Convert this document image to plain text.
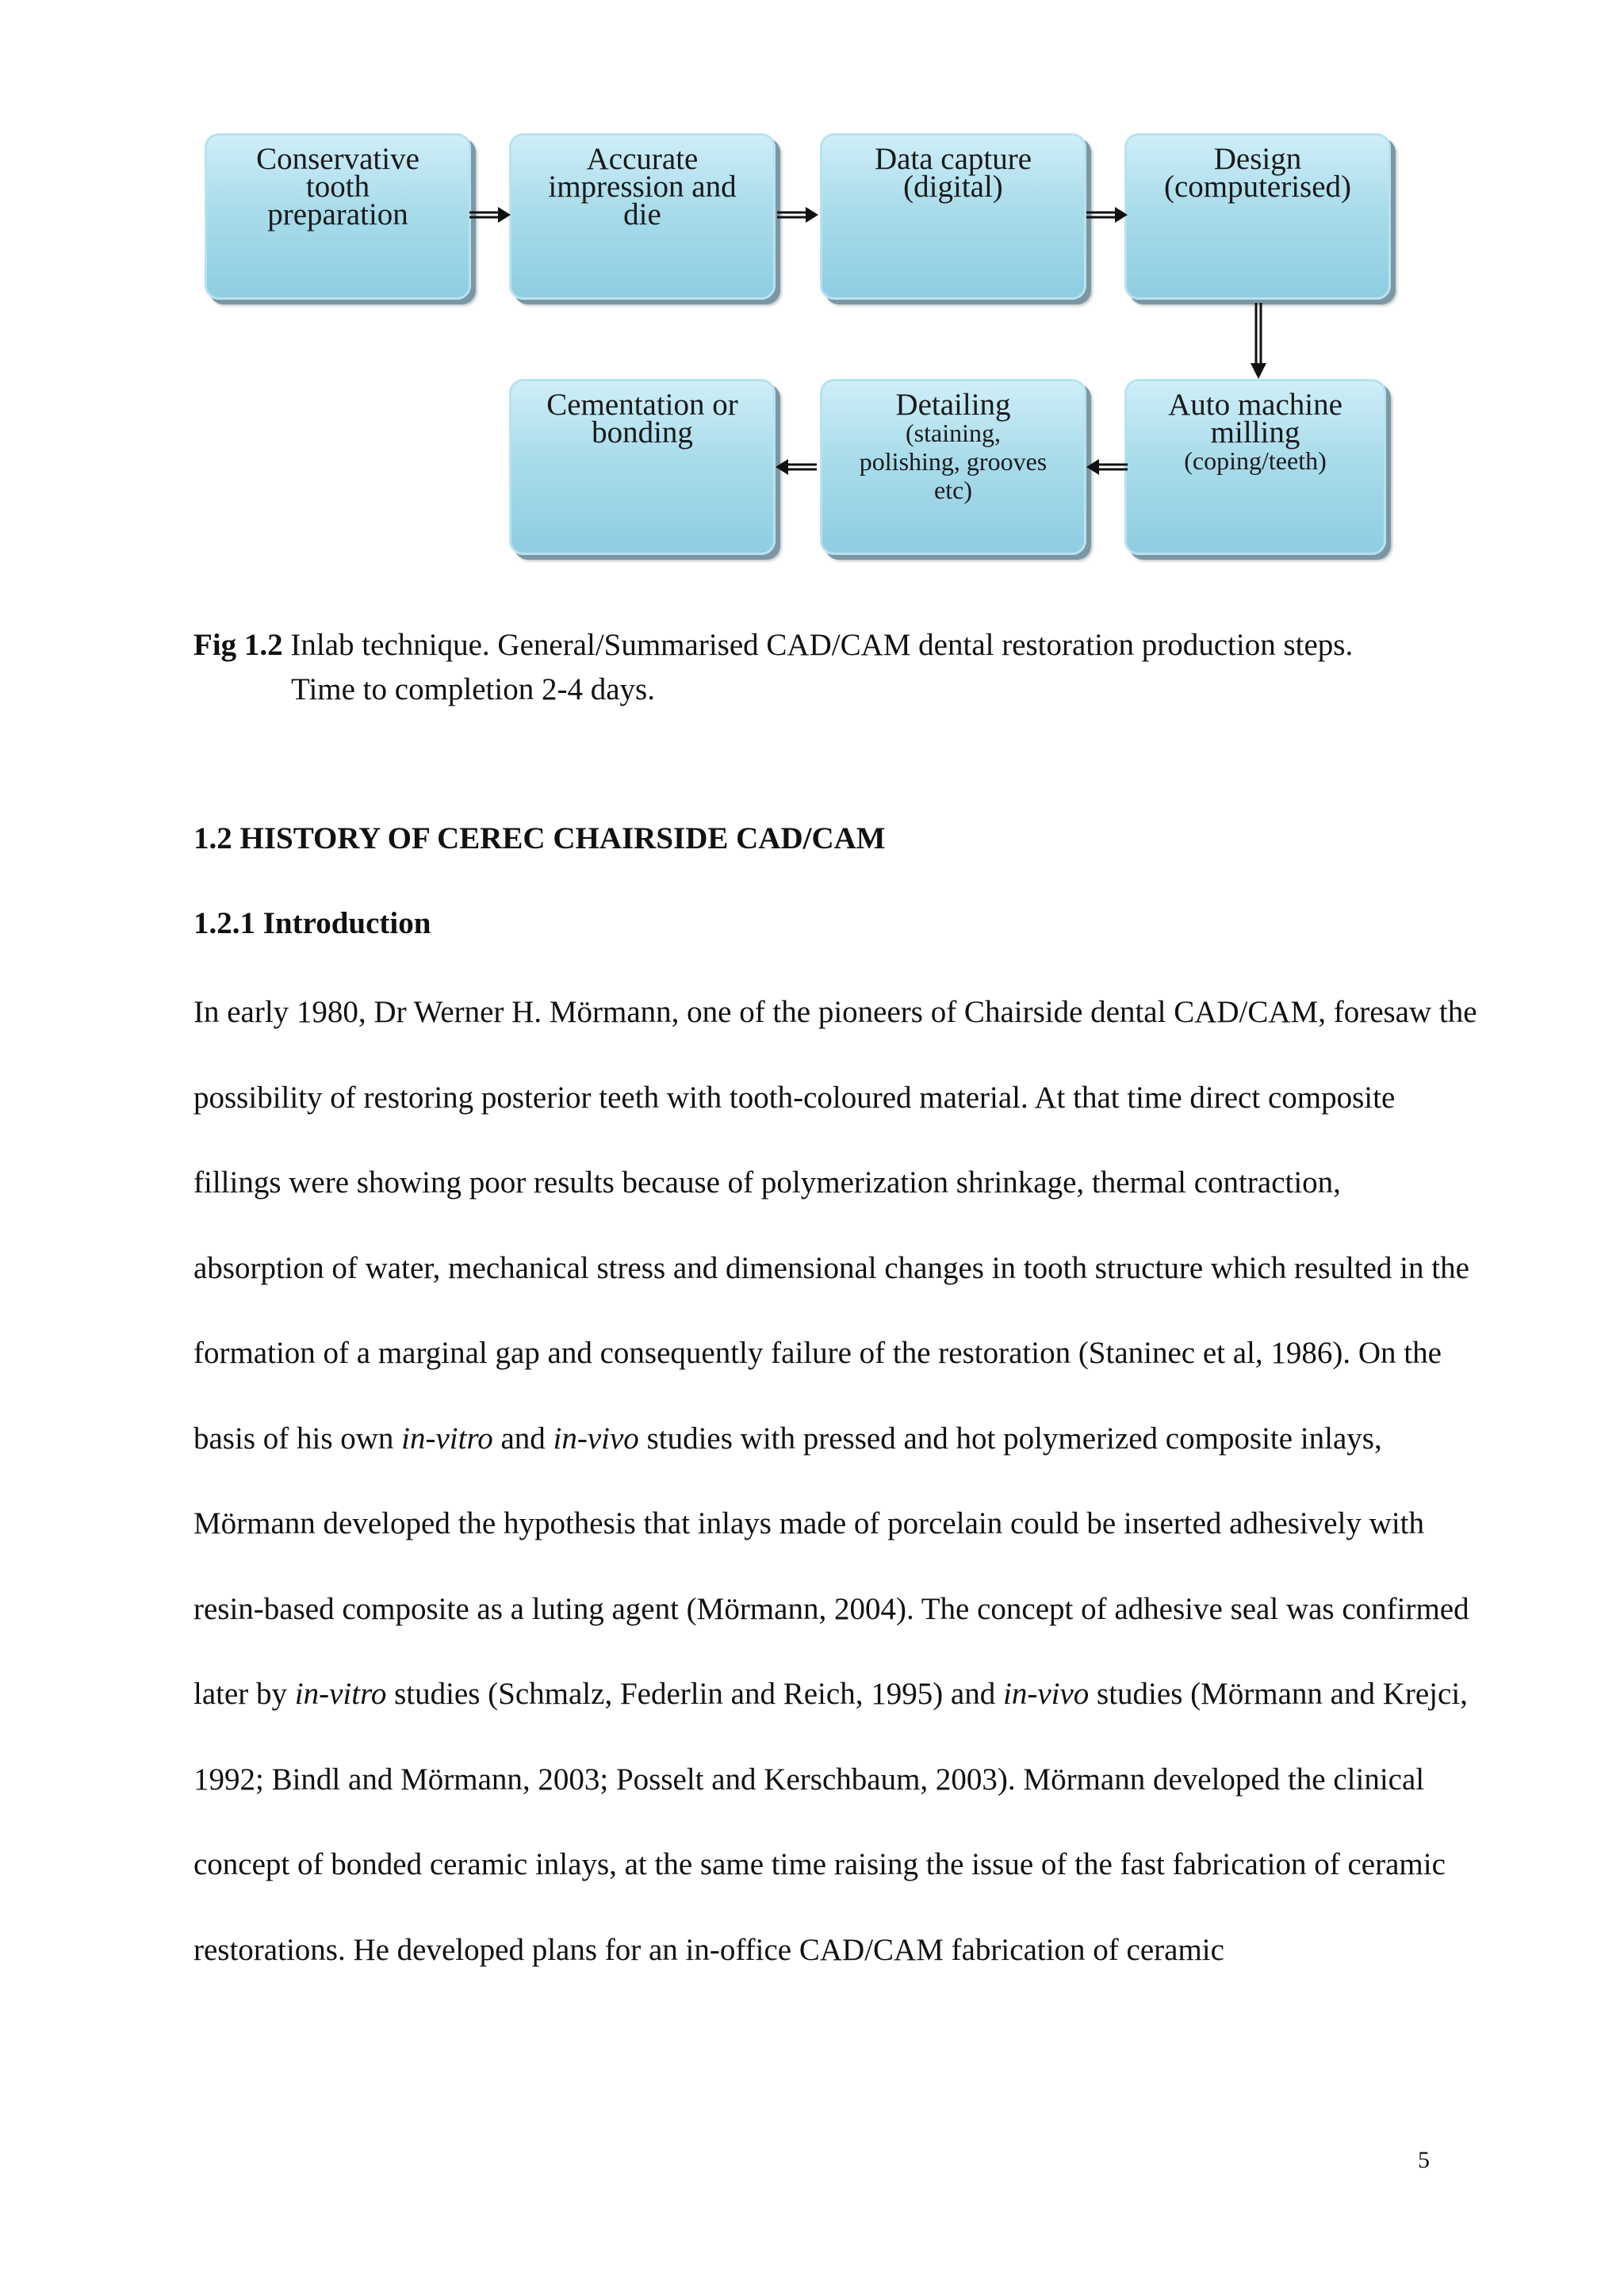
Conservative
tooth
preparation
Accurate
impression and
die
Data capture
(digital)
Design
(computerised)
Cementation or
bonding
Detailing
(staining,
polishing, grooves
etc)
Auto machine
milling
(coping/teeth)
Fig 1.2 Inlab technique. General/Summarised CAD/CAM dental restoration production steps.
Time to completion 2-4 days.
1.2 HISTORY OF CEREC CHAIRSIDE CAD/CAM
1.2.1 Introduction

In early 1980, Dr Werner H. Mörmann, one of the pioneers of Chairside dental CAD/CAM, foresaw the possibility of restoring posterior teeth with tooth-coloured material. At that time direct composite fillings were showing poor results because of polymerization shrinkage, thermal contraction, absorption of water, mechanical stress and dimensional changes in tooth structure which resulted in the formation of a marginal gap and consequently failure of the restoration (Staninec et al, 1986). On the basis of his own in-vitro and in-vivo studies with pressed and hot polymerized composite inlays, Mörmann developed the hypothesis that inlays made of porcelain could be inserted adhesively with resin-based composite as a luting agent (Mörmann, 2004). The concept of adhesive seal was confirmed later by in-vitro studies (Schmalz, Federlin and Reich, 1995) and in-vivo studies (Mörmann and Krejci, 1992; Bindl and Mörmann, 2003; Posselt and Kerschbaum, 2003). Mörmann developed the clinical concept of bonded ceramic inlays, at the same time raising the issue of the fast fabrication of ceramic restorations. He developed plans for an in-office CAD/CAM fabrication of ceramic

5
